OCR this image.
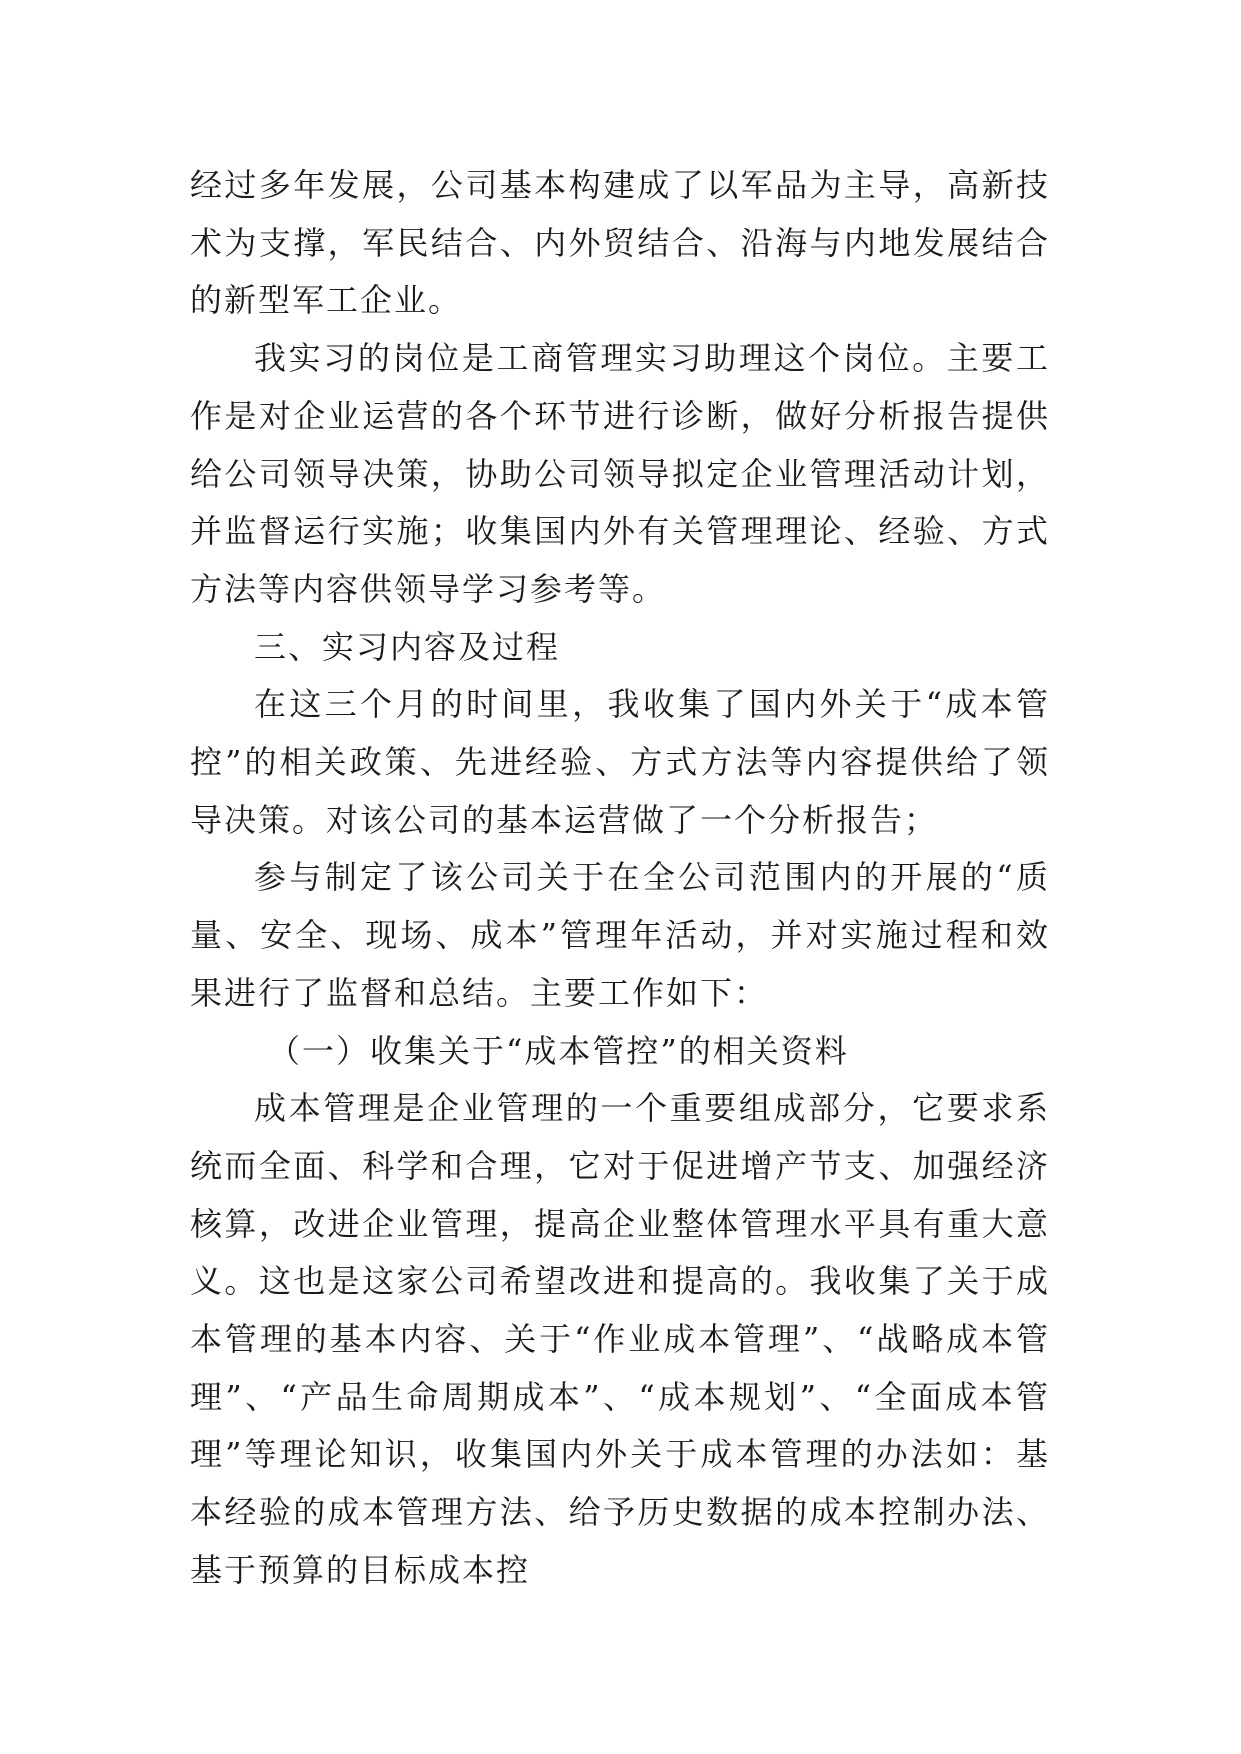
经过多年发展，公司基本构建成了以军品为主导，高新技术为支撑，军民结合、内外贸结合、沿海与内地发展结合的新型军工企业。

我实习的岗位是工商管理实习助理这个岗位。主要工作是对企业运营的各个环节进行诊断，做好分析报告提供给公司领导决策，协助公司领导拟定企业管理活动计划，并监督运行实施；收集国内外有关管理理论、经验、方式方法等内容供领导学习参考等。

三、实习内容及过程

在这三个月的时间里，我收集了国内外关于“成本管控”的相关政策、先进经验、方式方法等内容提供给了领导决策。对该公司的基本运营做了一个分析报告；

参与制定了该公司关于在全公司范围内的开展的“质量、安全、现场、成本”管理年活动，并对实施过程和效果进行了监督和总结。主要工作如下：

（一）收集关于“成本管控”的相关资料

成本管理是企业管理的一个重要组成部分，它要求系统而全面、科学和合理，它对于促进增产节支、加强经济核算，改进企业管理，提高企业整体管理水平具有重大意义。这也是这家公司希望改进和提高的。我收集了关于成本管理的基本内容、关于“作业成本管理”、“战略成本管理”、“产品生命周期成本”、“成本规划”、“全面成本管理”等理论知识，收集国内外关于成本管理的办法如：基本经验的成本管理方法、给予历史数据的成本控制办法、基于预算的目标成本控
